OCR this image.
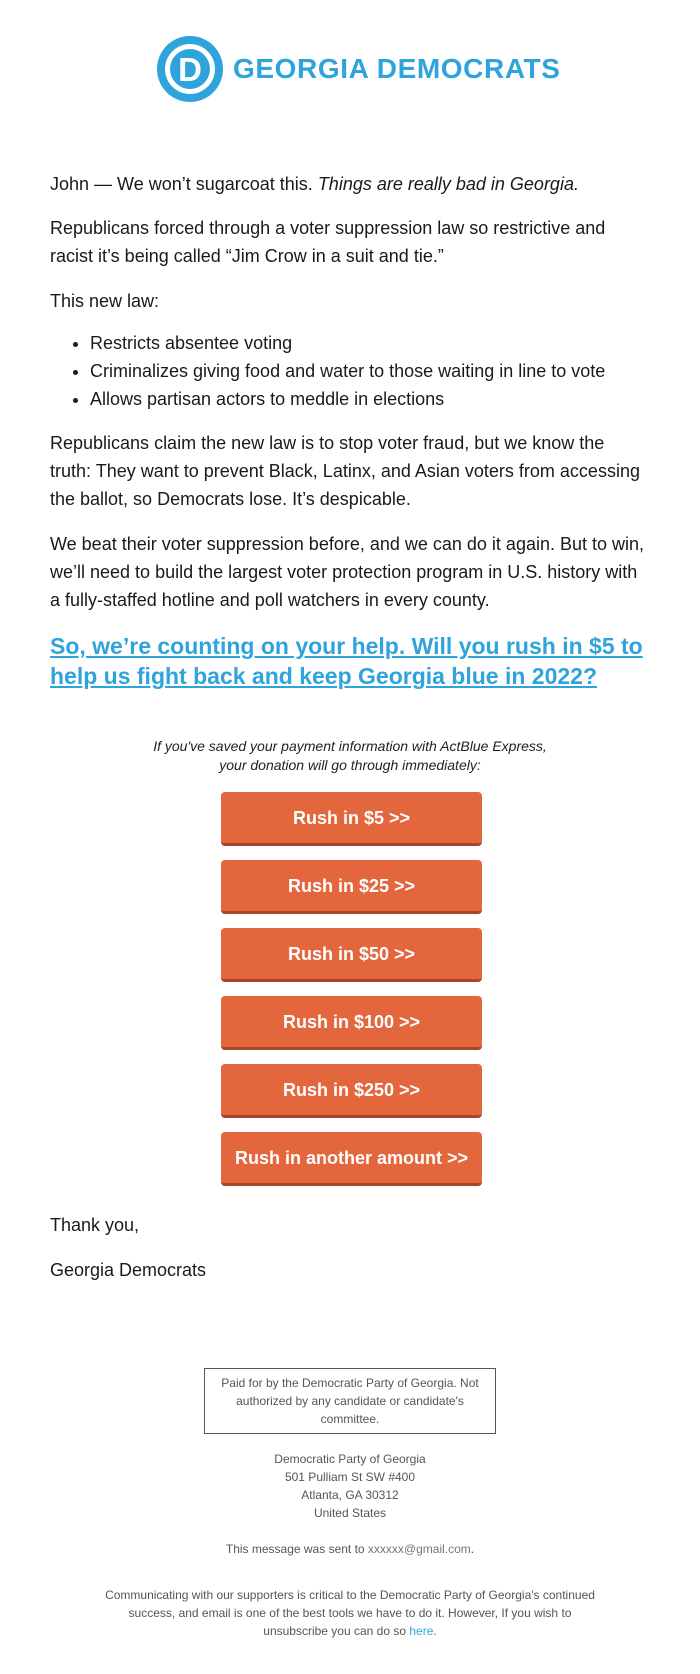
D GEORGIA DEMOCRATS

John — We won’t sugarcoat this. Things are really bad in Georgia.

Republicans forced through a voter suppression law so restrictive and racist it’s being called “Jim Crow in a suit and tie.”

This new law:

• Restricts absentee voting
• Criminalizes giving food and water to those waiting in line to vote
• Allows partisan actors to meddle in elections

Republicans claim the new law is to stop voter fraud, but we know the truth: They want to prevent Black, Latinx, and Asian voters from accessing the ballot, so Democrats lose. It’s despicable.

We beat their voter suppression before, and we can do it again. But to win, we’ll need to build the largest voter protection program in U.S. history with a fully-staffed hotline and poll watchers in every county.

So, we’re counting on your help. Will you rush in $5 to help us fight back and keep Georgia blue in 2022?
If you've saved your payment information with ActBlue Express,
your donation will go through immediately:
Rush in $5 >>
Rush in $25 >>
Rush in $50 >>
Rush in $100 >>
Rush in $250 >>
Rush in another amount >>

Thank you,

Georgia Democrats

Paid for by the Democratic Party of Georgia. Not authorized by any candidate or candidate's committee.
Democratic Party of Georgia
501 Pulliam St SW #400
Atlanta, GA 30312
United States
This message was sent to xxxxxx@gmail.com.
Communicating with our supporters is critical to the Democratic Party of Georgia's continued success, and email is one of the best tools we have to do it. However, If you wish to unsubscribe you can do so here.
